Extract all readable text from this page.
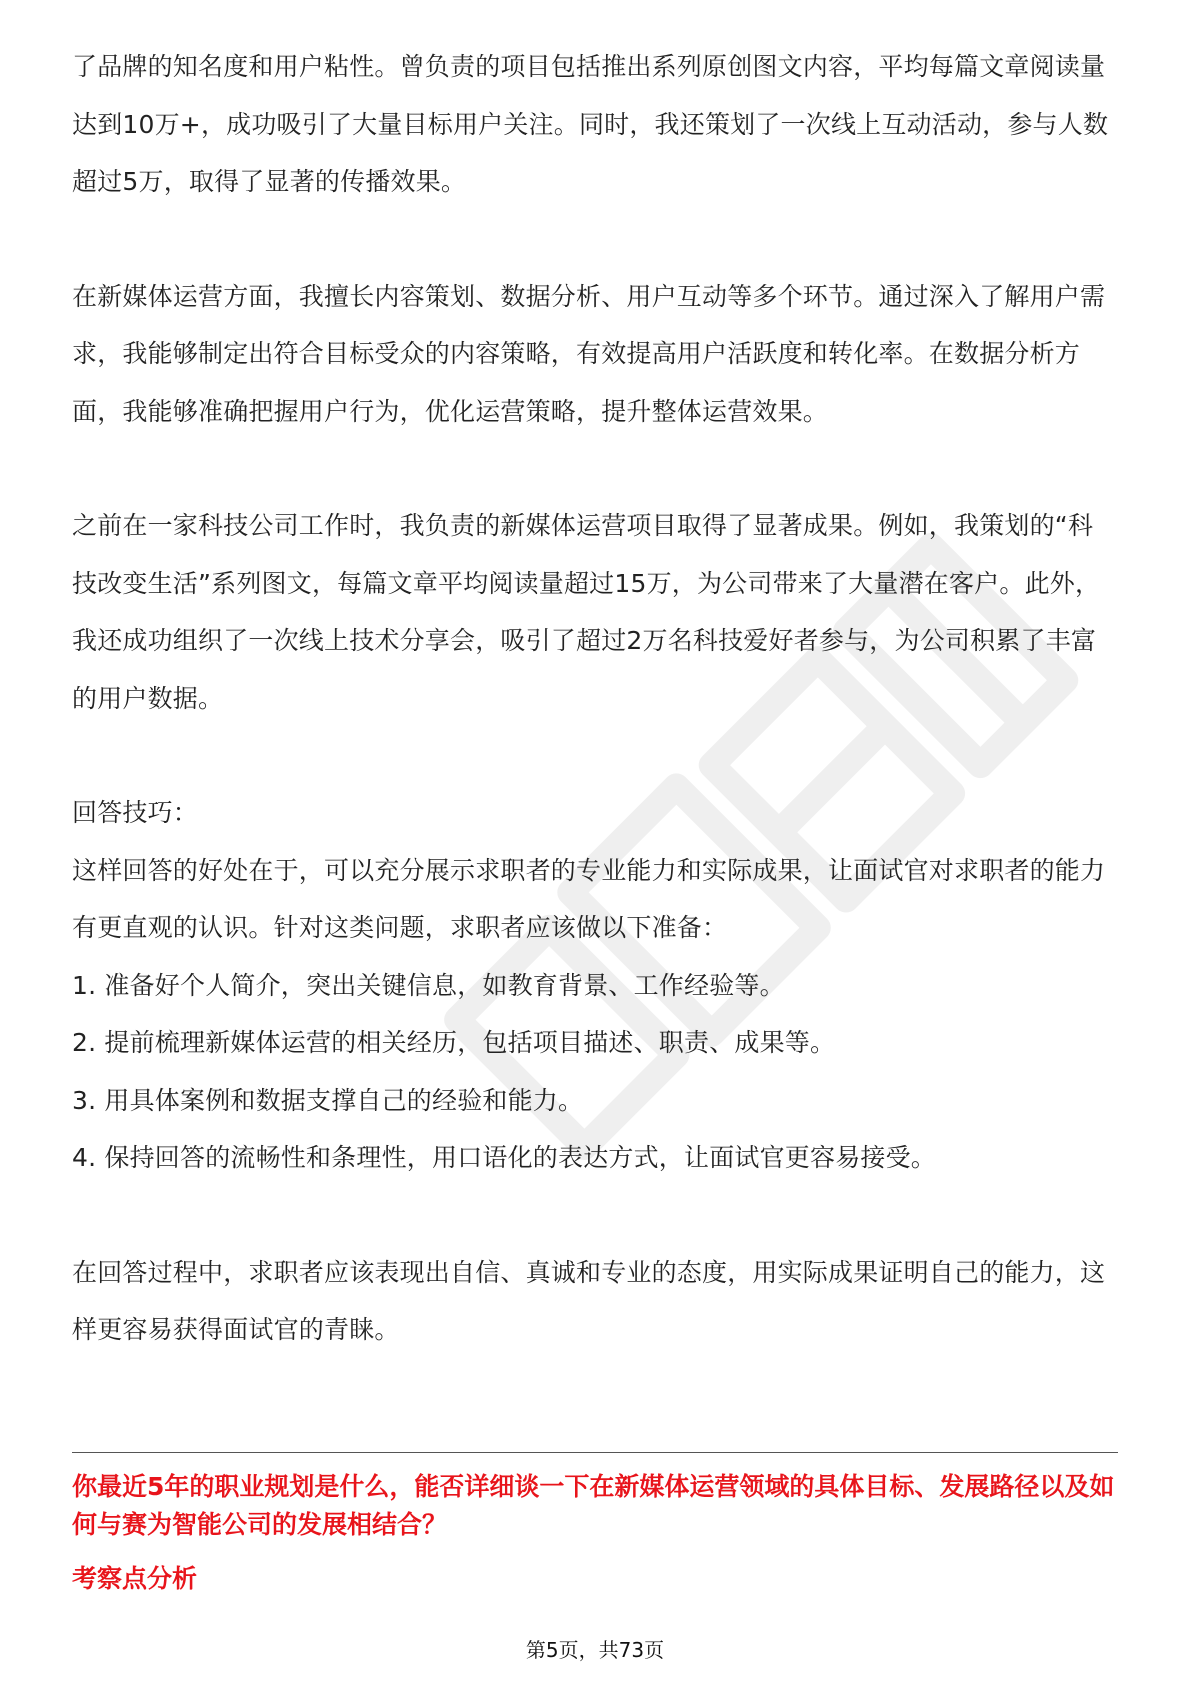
了品牌的知名度和用户粘性。曾负责的项目包括推出系列原创图文内容，平均每篇文章阅读量达到10万+，成功吸引了大量目标用户关注。同时，我还策划了一次线上互动活动，参与人数超过5万，取得了显著的传播效果。

在新媒体运营方面，我擅长内容策划、数据分析、用户互动等多个环节。通过深入了解用户需求，我能够制定出符合目标受众的内容策略，有效提高用户活跃度和转化率。在数据分析方面，我能够准确把握用户行为，优化运营策略，提升整体运营效果。

之前在一家科技公司工作时，我负责的新媒体运营项目取得了显著成果。例如，我策划的“科技改变生活”系列图文，每篇文章平均阅读量超过15万，为公司带来了大量潜在客户。此外，我还成功组织了一次线上技术分享会，吸引了超过2万名科技爱好者参与，为公司积累了丰富的用户数据。

回答技巧：

这样回答的好处在于，可以充分展示求职者的专业能力和实际成果，让面试官对求职者的能力有更直观的认识。针对这类问题，求职者应该做以下准备：

1. 准备好个人简介，突出关键信息，如教育背景、工作经验等。

2. 提前梳理新媒体运营的相关经历，包括项目描述、职责、成果等。

3. 用具体案例和数据支撑自己的经验和能力。

4. 保持回答的流畅性和条理性，用口语化的表达方式，让面试官更容易接受。

在回答过程中，求职者应该表现出自信、真诚和专业的态度，用实际成果证明自己的能力，这样更容易获得面试官的青睐。

你最近5年的职业规划是什么，能否详细谈一下在新媒体运营领域的具体目标、发展路径以及如何与赛为智能公司的发展相结合？

考察点分析

第5页，共73页
